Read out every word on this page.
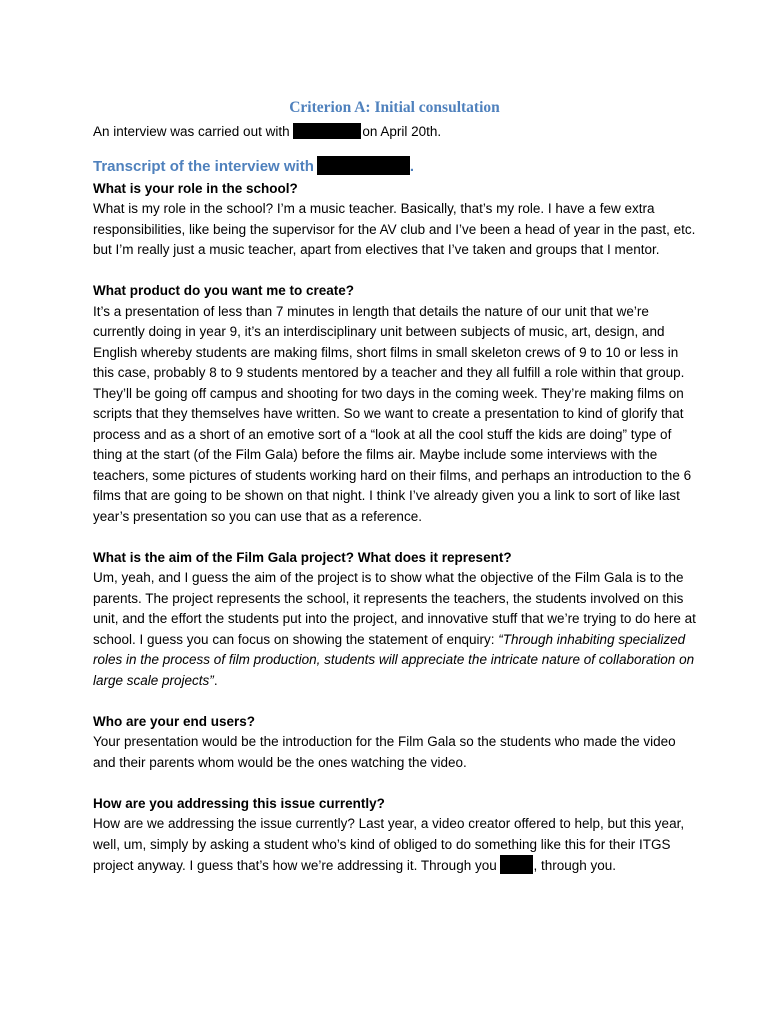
Criterion A: Initial consultation

An interview was carried out with	on April 20th.

Transcript of the interview with	.

What is your role in the school?

What is my role in the school? I’m a music teacher. Basically, that’s my role. I have a few extra responsibilities, like being the supervisor for the AV club and I’ve been a head of year in the past, etc. but I’m really just a music teacher, apart from electives that I’ve taken and groups that I mentor.

What product do you want me to create?

It’s a presentation of less than 7 minutes in length that details the nature of our unit that we’re currently doing in year 9, it’s an interdisciplinary unit between subjects of music, art, design, and English whereby students are making films, short films in small skeleton crews of 9 to 10 or less in this case, probably 8 to 9 students mentored by a teacher and they all fulfill a role within that group. They’ll be going off campus and shooting for two days in the coming week. They’re making films on scripts that they themselves have written. So we want to create a presentation to kind of glorify that process and as a short of an emotive sort of a “look at all the cool stuff the kids are doing” type of thing at the start (of the Film Gala) before the films air. Maybe include some interviews with the teachers, some pictures of students working hard on their films, and perhaps an introduction to the 6 films that are going to be shown on that night. I think I’ve already given you a link to sort of like last year’s presentation so you can use that as a reference.

What is the aim of the Film Gala project? What does it represent?

Um, yeah, and I guess the aim of the project is to show what the objective of the Film Gala is to the parents. The project represents the school, it represents the teachers, the students involved on this unit, and the effort the students put into the project, and innovative stuff that we’re trying to do here at school. I guess you can focus on showing the statement of enquiry: “Through inhabiting specialized roles in the process of film production, students will appreciate the intricate nature of collaboration on large scale projects”.

Who are your end users?

Your presentation would be the introduction for the Film Gala so the students who made the video and their parents whom would be the ones watching the video.

How are you addressing this issue currently?

How are we addressing the issue currently? Last year, a video creator offered to help, but this year, well, um, simply by asking a student who’s kind of obliged to do something like this for their ITGS project anyway. I guess that’s how we’re addressing it. Through you , through you.
